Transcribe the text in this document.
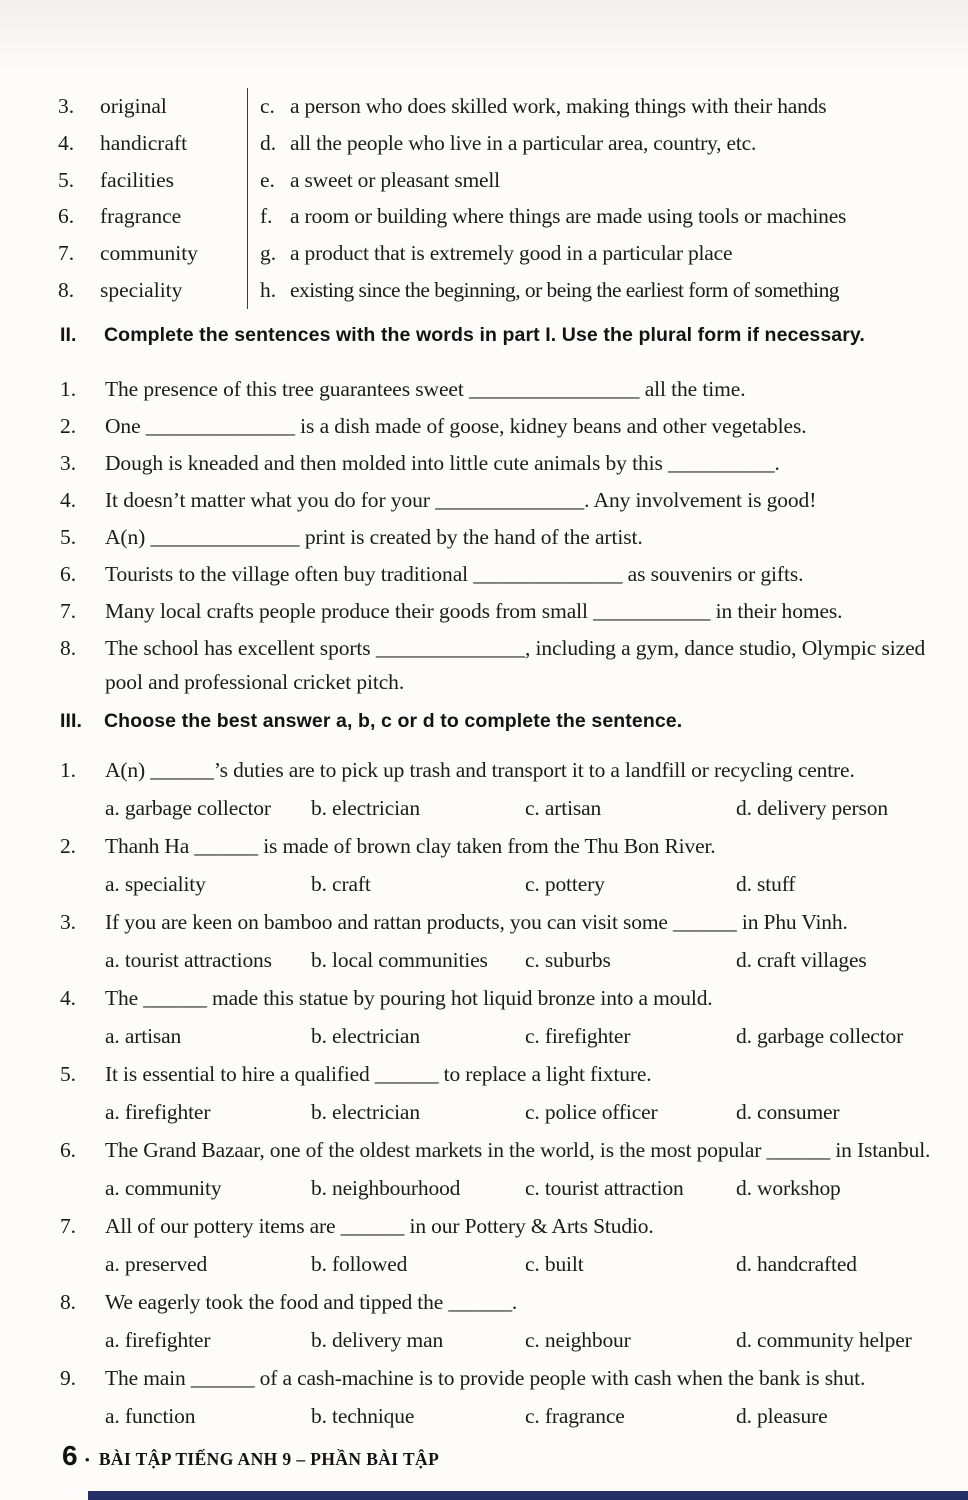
3.	original	c. a person who does skilled work, making things with their hands
4.	handicraft	d. all the people who live in a particular area, country, etc.
5.	facilities	e. a sweet or pleasant smell
6.	fragrance	f. a room or building where things are made using tools or machines
7.	community	g. a product that is extremely good in a particular place
8.	speciality	h. existing since the beginning, or being the earliest form of something
II.	Complete the sentences with the words in part I. Use the plural form if necessary.
1.	The presence of this tree guarantees sweet ________________ all the time.
2.	One ______________ is a dish made of goose, kidney beans and other vegetables.
3.	Dough is kneaded and then molded into little cute animals by this __________.
4.	It doesn’t matter what you do for your ______________. Any involvement is good!
5.	A(n) ______________ print is created by the hand of the artist.
6.	Tourists to the village often buy traditional ______________ as souvenirs or gifts.
7.	Many local crafts people produce their goods from small ___________ in their homes.
8.	The school has excellent sports ______________, including a gym, dance studio, Olympic sized pool and professional cricket pitch.
III.	Choose the best answer a, b, c or d to complete the sentence.
1.	A(n) ______’s duties are to pick up trash and transport it to a landfill or recycling centre.
a. garbage collector	b. electrician	c. artisan	d. delivery person
2.	Thanh Ha ______ is made of brown clay taken from the Thu Bon River.
a. speciality	b. craft	c. pottery	d. stuff
3.	If you are keen on bamboo and rattan products, you can visit some ______ in Phu Vinh.
a. tourist attractions	b. local communities	c. suburbs	d. craft villages
4.	The ______ made this statue by pouring hot liquid bronze into a mould.
a. artisan	b. electrician	c. firefighter	d. garbage collector
5.	It is essential to hire a qualified ______ to replace a light fixture.
a. firefighter	b. electrician	c. police officer	d. consumer
6.	The Grand Bazaar, one of the oldest markets in the world, is the most popular ______ in Istanbul.
a. community	b. neighbourhood	c. tourist attraction	d. workshop
7.	All of our pottery items are ______ in our Pottery & Arts Studio.
a. preserved	b. followed	c. built	d. handcrafted
8.	We eagerly took the food and tipped the ______.
a. firefighter	b. delivery man	c. neighbour	d. community helper
9.	The main ______ of a cash-machine is to provide people with cash when the bank is shut.
a. function	b. technique	c. fragrance	d. pleasure
6 • BÀI TẬP TIẾNG ANH 9 – PHẦN BÀI TẬP
